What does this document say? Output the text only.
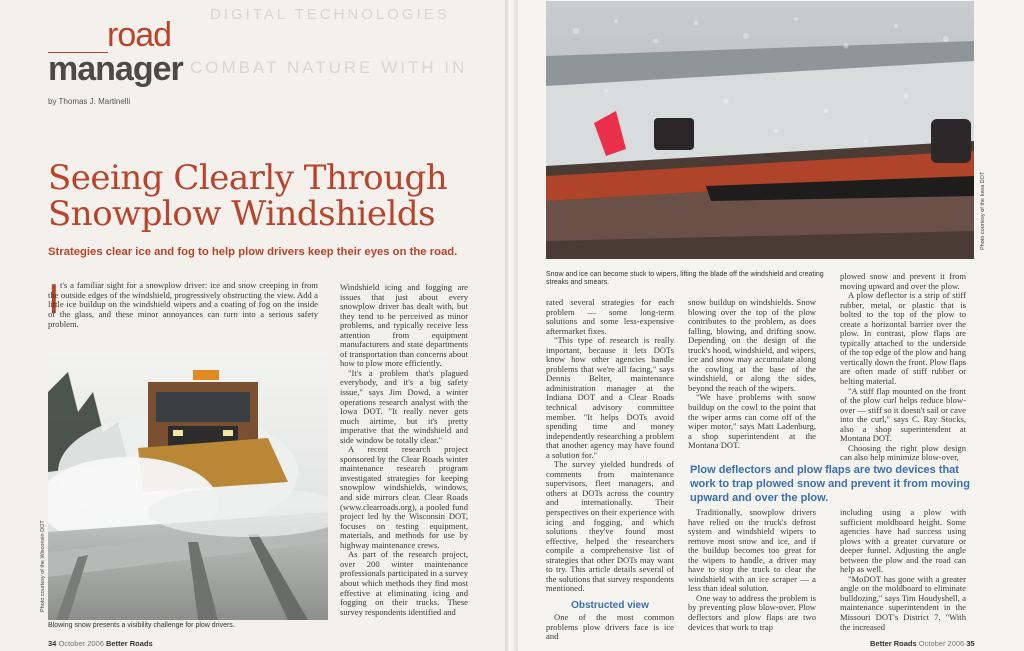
DIGITAL TECHNOLOGIES
COMBAT NATURE WITH IN
road
manager
by Thomas J. Martinelli
Seeing Clearly Through
Snowplow Windshields
Strategies clear ice and fog to help plow drivers keep their eyes on the road.
I t's a familiar sight for a snowplow driver: ice and snow creeping in from the outside edges of the windshield, progressively obstructing the view. Add a little ice buildup on the windshield wipers and a coating of fog on the inside of the glass, and these minor annoyances can turn into a serious safety problem.

Windshield icing and fogging are issues that just about every snowplow driver has dealt with, but they tend to be perceived as minor problems, and typically receive less attention from equipment manufacturers and state departments of transportation than concerns about how to plow more efficiently.

"It's a problem that's plagued everybody, and it's a big safety issue," says Jim Dowd, a winter operations research analyst with the Iowa DOT. "It really never gets much airtime, but it's pretty imperative that the windshield and side window be totally clear."

A recent research project sponsored by the Clear Roads winter maintenance research program investigated strategies for keeping snowplow windshields, windows, and side mirrors clear. Clear Roads (www.clearroads.org), a pooled fund project led by the Wisconsin DOT, focuses on testing equipment, materials, and methods for use by highway maintenance crews.

As part of the research project, over 200 winter maintenance professionals participated in a survey about which methods they find most effective at eliminating icing and fogging on their trucks. These survey respondents identified and

Photo courtesy of the Wisconsin DOT
Blowing snow presents a visibility challenge for plow drivers.
34 October 2006 Better Roads
Photo courtesy of the Iowa DOT
Snow and ice can become stuck to wipers, lifting the blade off the windshield and creating streaks and smears.

rated several strategies for each problem — some long-term solutions and some less-expensive aftermarket fixes.

"This type of research is really important, because it lets DOTs know how other agencies handle problems that we're all facing," says Dennis Belter, maintenance administration manager at the Indiana DOT and a Clear Roads technical advisory committee member. "It helps DOTs avoid spending time and money independently researching a problem that another agency may have found a solution for."

The survey yielded hundreds of comments from maintenance supervisors, fleet managers, and others at DOTs across the country and internationally. Their perspectives on their experience with icing and fogging, and which solutions they've found most effective, helped the researchers compile a comprehensive list of strategies that other DOTs may want to try. This article details several of the solutions that survey respondents mentioned.

Obstructed view

One of the most common problems plow drivers face is ice and

snow buildup on windshields. Snow blowing over the top of the plow contributes to the problem, as does falling, blowing, and drifting snow. Depending on the design of the truck's hood, windshield, and wipers, ice and snow may accumulate along the cowling at the base of the windshield, or along the sides, beyond the reach of the wipers.

"We have problems with snow buildup on the cowl to the point that the wiper arms can come off of the wiper motor," says Matt Ladenburg, a shop superintendent at the Montana DOT.

plowed snow and prevent it from moving upward and over the plow.

A plow deflector is a strip of stiff rubber, metal, or plastic that is bolted to the top of the plow to create a horizontal barrier over the plow. In contrast, plow flaps are typically attached to the underside of the top edge of the plow and hang vertically down the front. Plow flaps are often made of stiff rubber or belting material.

"A stiff flap mounted on the front of the plow curl helps reduce blow-over — stiff so it doesn't sail or cave into the curl," says C. Ray Stocks, also a shop superintendent at Montana DOT.

Choosing the right plow design can also help minimize blow-over,

Plow deflectors and plow flaps are two devices that work to trap plowed snow and prevent it from moving upward and over the plow.

Traditionally, snowplow drivers have relied on the truck's defrost system and windshield wipers to remove most snow and ice, and if the buildup becomes too great for the wipers to handle, a driver may have to stop the truck to clear the windshield with an ice scraper — a less than ideal solution.

One way to address the problem is by preventing plow blow-over. Plow deflectors and plow flaps are two devices that work to trap

including using a plow with sufficient moldboard height. Some agencies have had success using plows with a greater curvature or deeper funnel. Adjusting the angle between the plow and the road can help as well.

"MoDOT has gone with a greater angle on the moldboard to eliminate bulldozing," says Tim Houdyshell, a maintenance superintendent in the Missouri DOT's District 7. "With the increased

Better Roads October 2006 35
